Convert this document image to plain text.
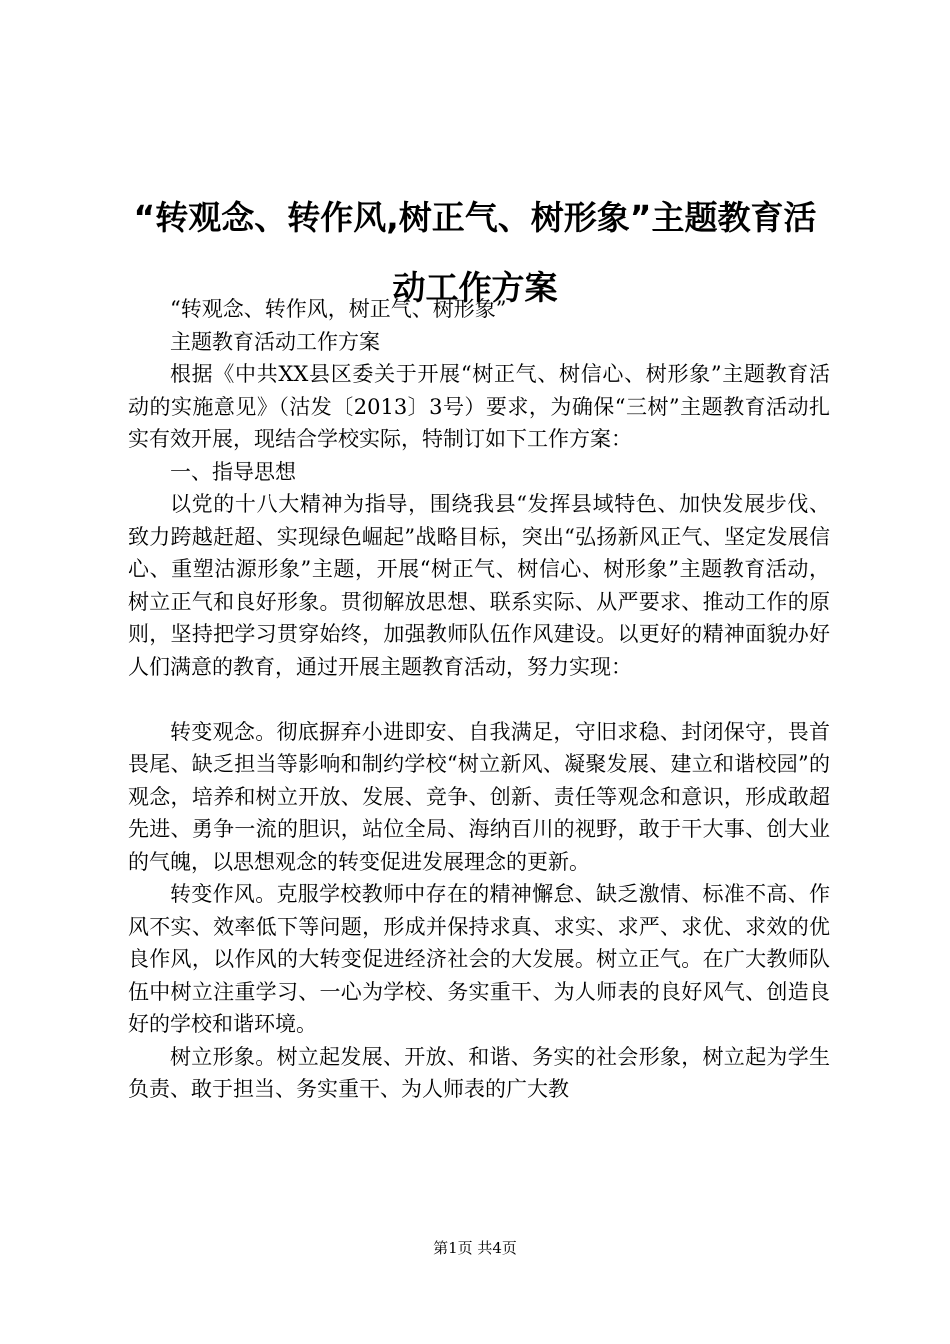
“转观念、转作风,树正气、树形象”主题教育活动工作方案

“转观念、转作风，树正气、树形象”

主题教育活动工作方案

根据《中共XX县区委关于开展“树正气、树信心、树形象”主题教育活动的实施意见》（沽发〔2013〕3号）要求，为确保“三树”主题教育活动扎实有效开展，现结合学校实际，特制订如下工作方案：

一、指导思想

以党的十八大精神为指导，围绕我县“发挥县域特色、加快发展步伐、致力跨越赶超、实现绿色崛起”战略目标，突出“弘扬新风正气、坚定发展信心、重塑沽源形象”主题，开展“树正气、树信心、树形象”主题教育活动，树立正气和良好形象。贯彻解放思想、联系实际、从严要求、推动工作的原则，坚持把学习贯穿始终，加强教师队伍作风建设。以更好的精神面貌办好人们满意的教育，通过开展主题教育活动，努力实现：

转变观念。彻底摒弃小进即安、自我满足，守旧求稳、封闭保守，畏首畏尾、缺乏担当等影响和制约学校“树立新风、凝聚发展、建立和谐校园”的观念，培养和树立开放、发展、竞争、创新、责任等观念和意识，形成敢超先进、勇争一流的胆识，站位全局、海纳百川的视野，敢于干大事、创大业的气魄，以思想观念的转变促进发展理念的更新。

转变作风。克服学校教师中存在的精神懈怠、缺乏激情、标准不高、作风不实、效率低下等问题，形成并保持求真、求实、求严、求优、求效的优良作风，以作风的大转变促进经济社会的大发展。树立正气。在广大教师队伍中树立注重学习、一心为学校、务实重干、为人师表的良好风气、创造良好的学校和谐环境。

树立形象。树立起发展、开放、和谐、务实的社会形象，树立起为学生负责、敢于担当、务实重干、为人师表的广大教

第1页 共4页
